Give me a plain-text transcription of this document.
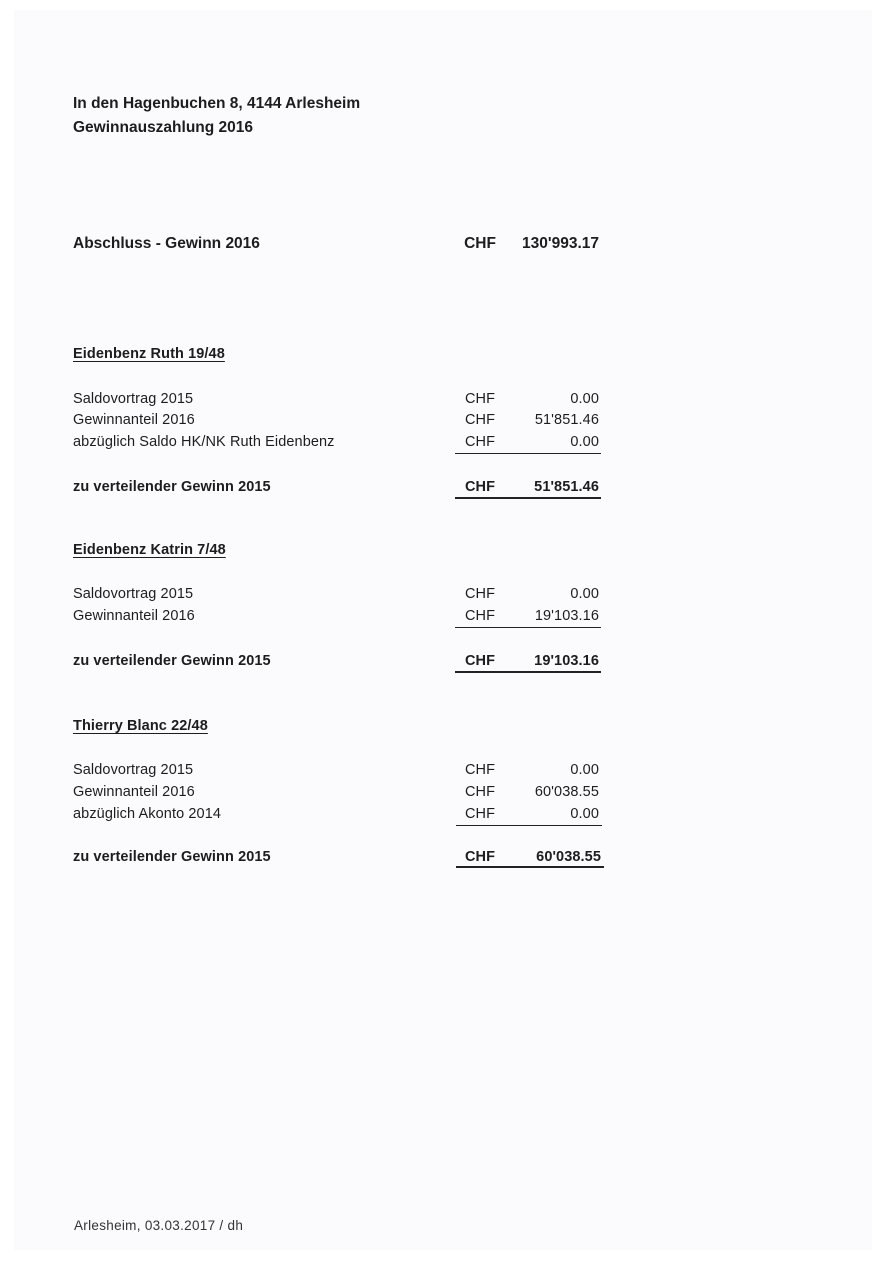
In den Hagenbuchen 8, 4144 Arlesheim
Gewinnauszahlung 2016
Abschluss - Gewinn 2016	CHF	130'993.17
Eidenbenz Ruth 19/48
Saldovortrag 2015	CHF	0.00
Gewinnanteil 2016	CHF	51'851.46
abzüglich Saldo HK/NK Ruth Eidenbenz	CHF	0.00
zu verteilender Gewinn 2015	CHF	51'851.46
Eidenbenz Katrin 7/48
Saldovortrag 2015	CHF	0.00
Gewinnanteil 2016	CHF	19'103.16
zu verteilender Gewinn 2015	CHF	19'103.16
Thierry Blanc 22/48
Saldovortrag 2015	CHF	0.00
Gewinnanteil 2016	CHF	60'038.55
abzüglich Akonto 2014	CHF	0.00
zu verteilender Gewinn 2015	CHF	60'038.55
Arlesheim, 03.03.2017 / dh
